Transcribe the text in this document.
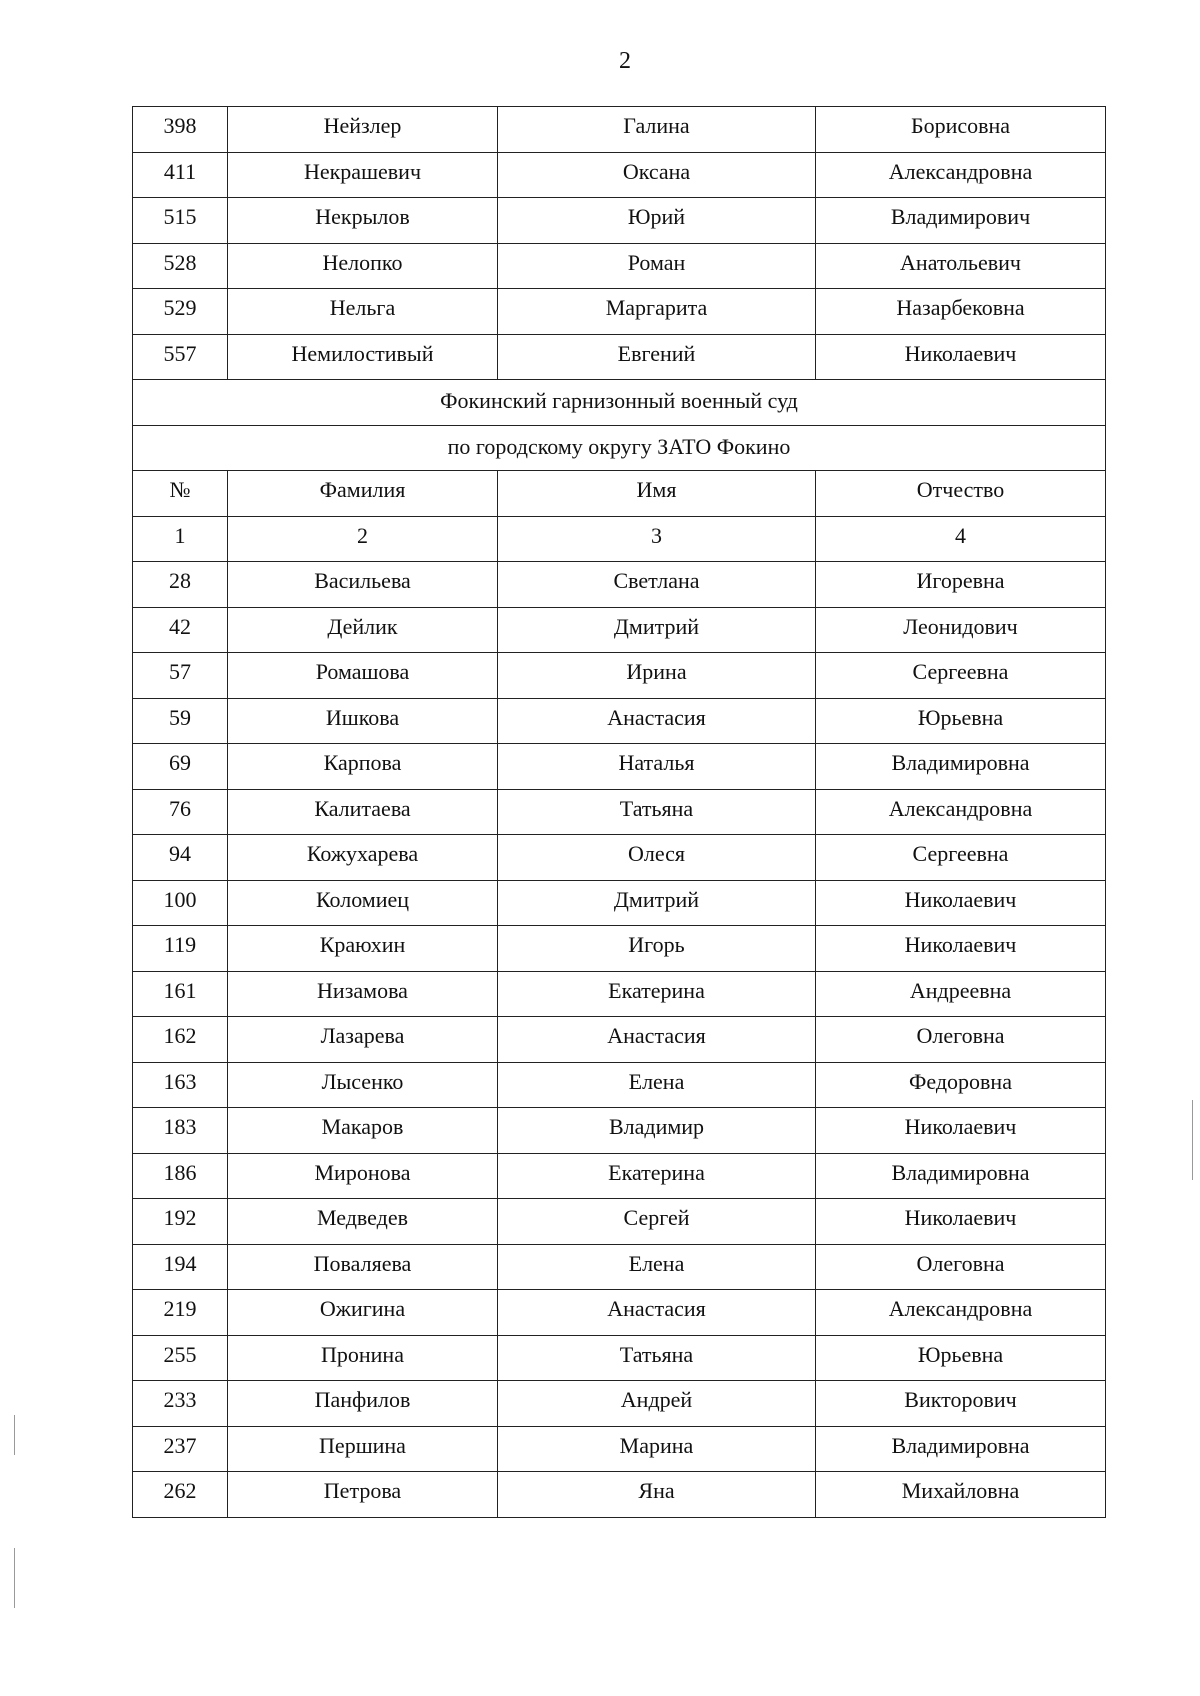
2
398	Нейзлер	Галина	Борисовна
411	Некрашевич	Оксана	Александровна
515	Некрылов	Юрий	Владимирович
528	Нелопко	Роман	Анатольевич
529	Нельга	Маргарита	Назарбековна
557	Немилостивый	Евгений	Николаевич
Фокинский гарнизонный военный суд			
по городскому округу ЗАТО Фокино			
№	Фамилия	Имя	Отчество
1	2	3	4
28	Васильева	Светлана	Игоревна
42	Дейлик	Дмитрий	Леонидович
57	Ромашова	Ирина	Сергеевна
59	Ишкова	Анастасия	Юрьевна
69	Карпова	Наталья	Владимировна
76	Калитаева	Татьяна	Александровна
94	Кожухарева	Олеся	Сергеевна
100	Коломиец	Дмитрий	Николаевич
119	Краюхин	Игорь	Николаевич
161	Низамова	Екатерина	Андреевна
162	Лазарева	Анастасия	Олеговна
163	Лысенко	Елена	Федоровна
183	Макаров	Владимир	Николаевич
186	Миронова	Екатерина	Владимировна
192	Медведев	Сергей	Николаевич
194	Поваляева	Елена	Олеговна
219	Ожигина	Анастасия	Александровна
255	Пронина	Татьяна	Юрьевна
233	Панфилов	Андрей	Викторович
237	Першина	Марина	Владимировна
262	Петрова	Яна	Михайловна
